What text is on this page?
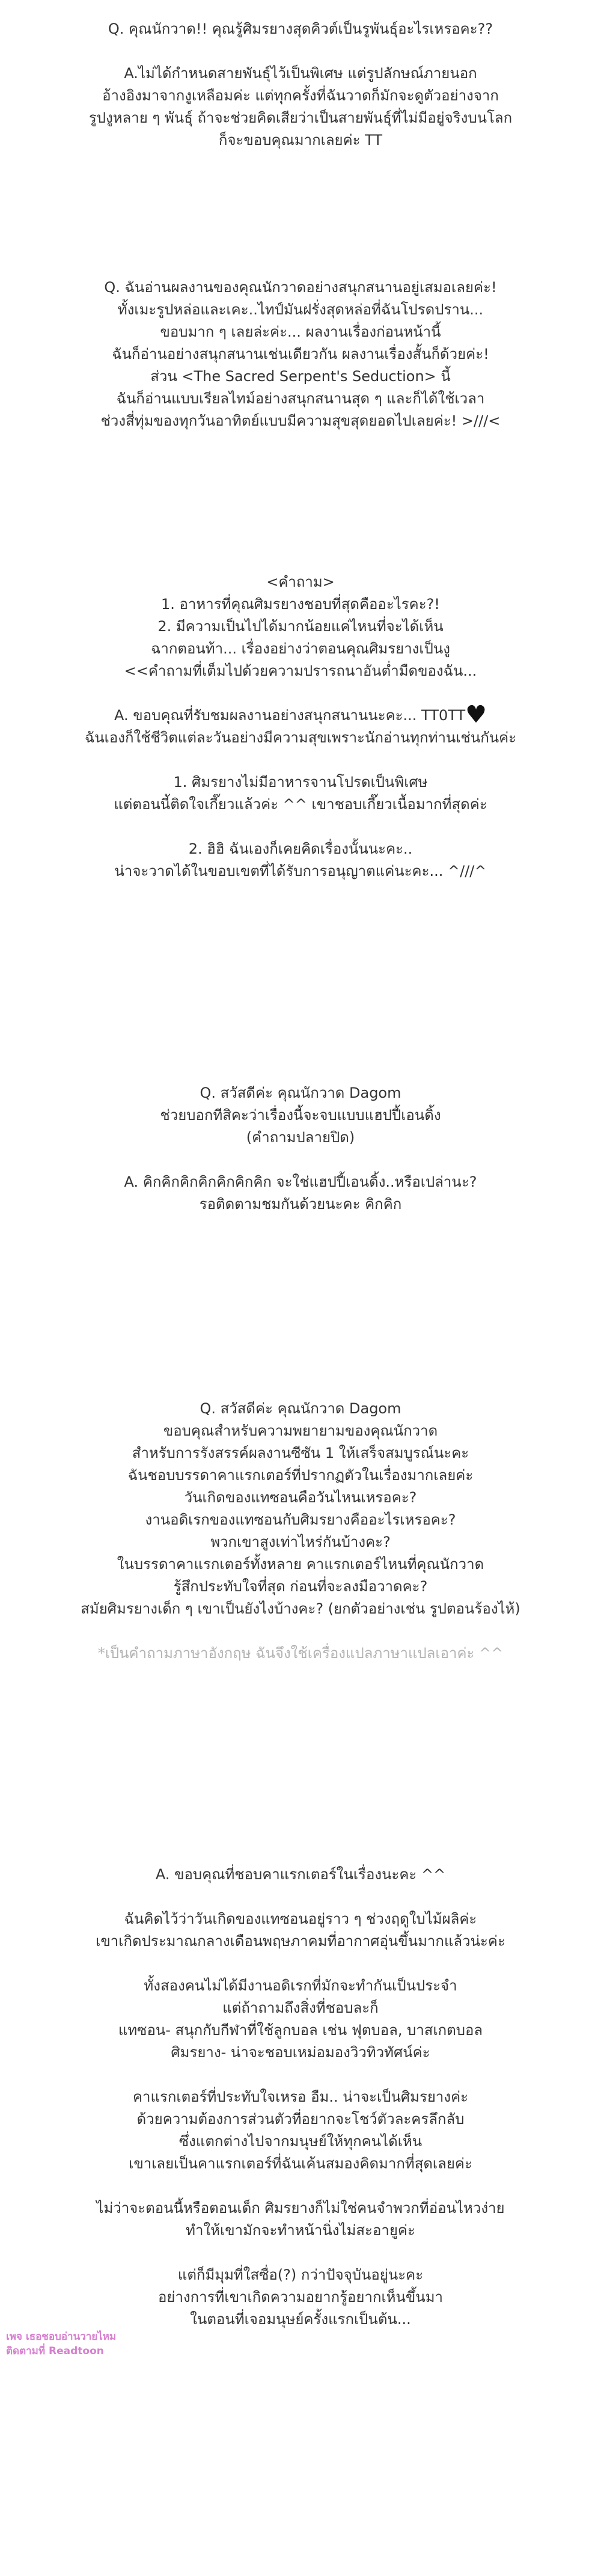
Q. คุณนักวาด!! คุณรู้ศิมรยางสุดคิวต์เป็นรูพันธุ์อะไรเหรอคะ??
A.ไม่ได้กำหนดสายพันธุ์ไว้เป็นพิเศษ แต่รูปลักษณ์ภายนอก
อ้างอิงมาจากงูเหลือมค่ะ แต่ทุกครั้งที่ฉันวาดก็มักจะดูตัวอย่างจาก
รูปงูหลาย ๆ พันธุ์ ถ้าจะช่วยคิดเสียว่าเป็นสายพันธุ์ที่ไม่มีอยู่จริงบนโลก
ก็จะขอบคุณมากเลยค่ะ TT
Q. ฉันอ่านผลงานของคุณนักวาดอย่างสนุกสนานอยู่เสมอเลยค่ะ!
ทั้งเมะรูปหล่อและเคะ..ไทป์มันฝรั่งสุดหล่อที่ฉันโปรดปราน...
ขอบมาก ๆ เลยล่ะค่ะ... ผลงานเรื่องก่อนหน้านี้
ฉันก็อ่านอย่างสนุกสนานเช่นเดียวกัน ผลงานเรื่องสั้นก็ด้วยค่ะ!
ส่วน <The Sacred Serpent's Seduction> นี้
ฉันก็อ่านแบบเรียลไทม์อย่างสนุกสนานสุด ๆ และก็ได้ใช้เวลา
ช่วงสี่ทุ่มของทุกวันอาทิตย์แบบมีความสุขสุดยอดไปเลยค่ะ! >///<
<คำถาม>
1. อาหารที่คุณศิมรยางชอบที่สุดคืออะไรคะ?!
2. มีความเป็นไปได้มากน้อยแค่ไหนที่จะได้เห็น
ฉากตอนท้า... เรื่องอย่างว่าตอนคุณศิมรยางเป็นงู
<<คำถามที่เต็มไปด้วยความปรารถนาอันต่ำมืดของฉัน...
A. ขอบคุณที่รับชมผลงานอย่างสนุกสนานนะคะ... TT0TT♥
ฉันเองก็ใช้ชีวิตแต่ละวันอย่างมีความสุขเพราะนักอ่านทุกท่านเช่นกันค่ะ
1. ศิมรยางไม่มีอาหารจานโปรดเป็นพิเศษ
แต่ตอนนี้ติดใจเกี๊ยวแล้วค่ะ ^^ เขาชอบเกี๊ยวเนื้อมากที่สุดค่ะ
2. ฮิฮิ ฉันเองก็เคยคิดเรื่องนั้นนะคะ..
น่าจะวาดได้ในขอบเขตที่ได้รับการอนุญาตแค่นะคะ... ^///^
Q. สวัสดีค่ะ คุณนักวาด Dagom
ช่วยบอกทีสิคะว่าเรื่องนี้จะจบแบบแฮปปี้เอนดิ้ง
(คำถามปลายปิด)
A. คิกคิกคิกคิกคิกคิกคิก จะใช่แฮปปี้เอนดิ้ง..หรือเปล่านะ?
รอติดตามชมกันด้วยนะคะ คิกคิก
Q. สวัสดีค่ะ คุณนักวาด Dagom
ขอบคุณสำหรับความพยายามของคุณนักวาด
สำหรับการรังสรรค์ผลงานซีซัน 1 ให้เสร็จสมบูรณ์นะคะ
ฉันชอบบรรดาคาแรกเตอร์ที่ปรากฏตัวในเรื่องมากเลยค่ะ
วันเกิดของแทซอนคือวันไหนเหรอคะ?
งานอดิเรกของแทซอนกับศิมรยางคืออะไรเหรอคะ?
พวกเขาสูงเท่าไหร่กันบ้างคะ?
ในบรรดาคาแรกเตอร์ทั้งหลาย คาแรกเตอร์ไหนที่คุณนักวาด
รู้สึกประทับใจที่สุด ก่อนที่จะลงมือวาดคะ?
สมัยศิมรยางเด็ก ๆ เขาเป็นยังไงบ้างคะ? (ยกตัวอย่างเช่น รูปตอนร้องไห้)
*เป็นคำถามภาษาอังกฤษ ฉันจึงใช้เครื่องแปลภาษาแปลเอาค่ะ ^^
A. ขอบคุณที่ชอบคาแรกเตอร์ในเรื่องนะคะ ^^
ฉันคิดไว้ว่าวันเกิดของแทซอนอยู่ราว ๆ ช่วงฤดูใบไม้ผลิค่ะ
เขาเกิดประมาณกลางเดือนพฤษภาคมที่อากาศอุ่นขึ้นมากแล้วน่ะค่ะ
ทั้งสองคนไม่ได้มีงานอดิเรกที่มักจะทำกันเป็นประจำ
แต่ถ้าถามถึงสิ่งที่ชอบละก็
แทซอน- สนุกกับกีฬาที่ใช้ลูกบอล เช่น ฟุตบอล, บาสเกตบอล
ศิมรยาง- น่าจะชอบเหม่อมองวิวทิวทัศน์ค่ะ
คาแรกเตอร์ที่ประทับใจเหรอ อืม.. น่าจะเป็นศิมรยางค่ะ
ด้วยความต้องการส่วนตัวที่อยากจะโชว์ตัวละครลึกลับ
ซึ่งแตกต่างไปจากมนุษย์ให้ทุกคนได้เห็น
เขาเลยเป็นคาแรกเตอร์ที่ฉันเค้นสมองคิดมากที่สุดเลยค่ะ
ไม่ว่าจะตอนนี้หรือตอนเด็ก ศิมรยางก็ไม่ใช่คนจำพวกที่อ่อนไหวง่าย
ทำให้เขามักจะทำหน้านิ่งไม่สะอายูค่ะ
แต่ก็มีมุมที่ใสซื่อ(?) กว่าปัจจุบันอยู่นะคะ
อย่างการที่เขาเกิดความอยากรู้อยากเห็นขึ้นมา
ในตอนที่เจอมนุษย์ครั้งแรกเป็นต้น...
เพจ เธอชอบอ่านวายไหม
ติดตามที่ Readtoon
